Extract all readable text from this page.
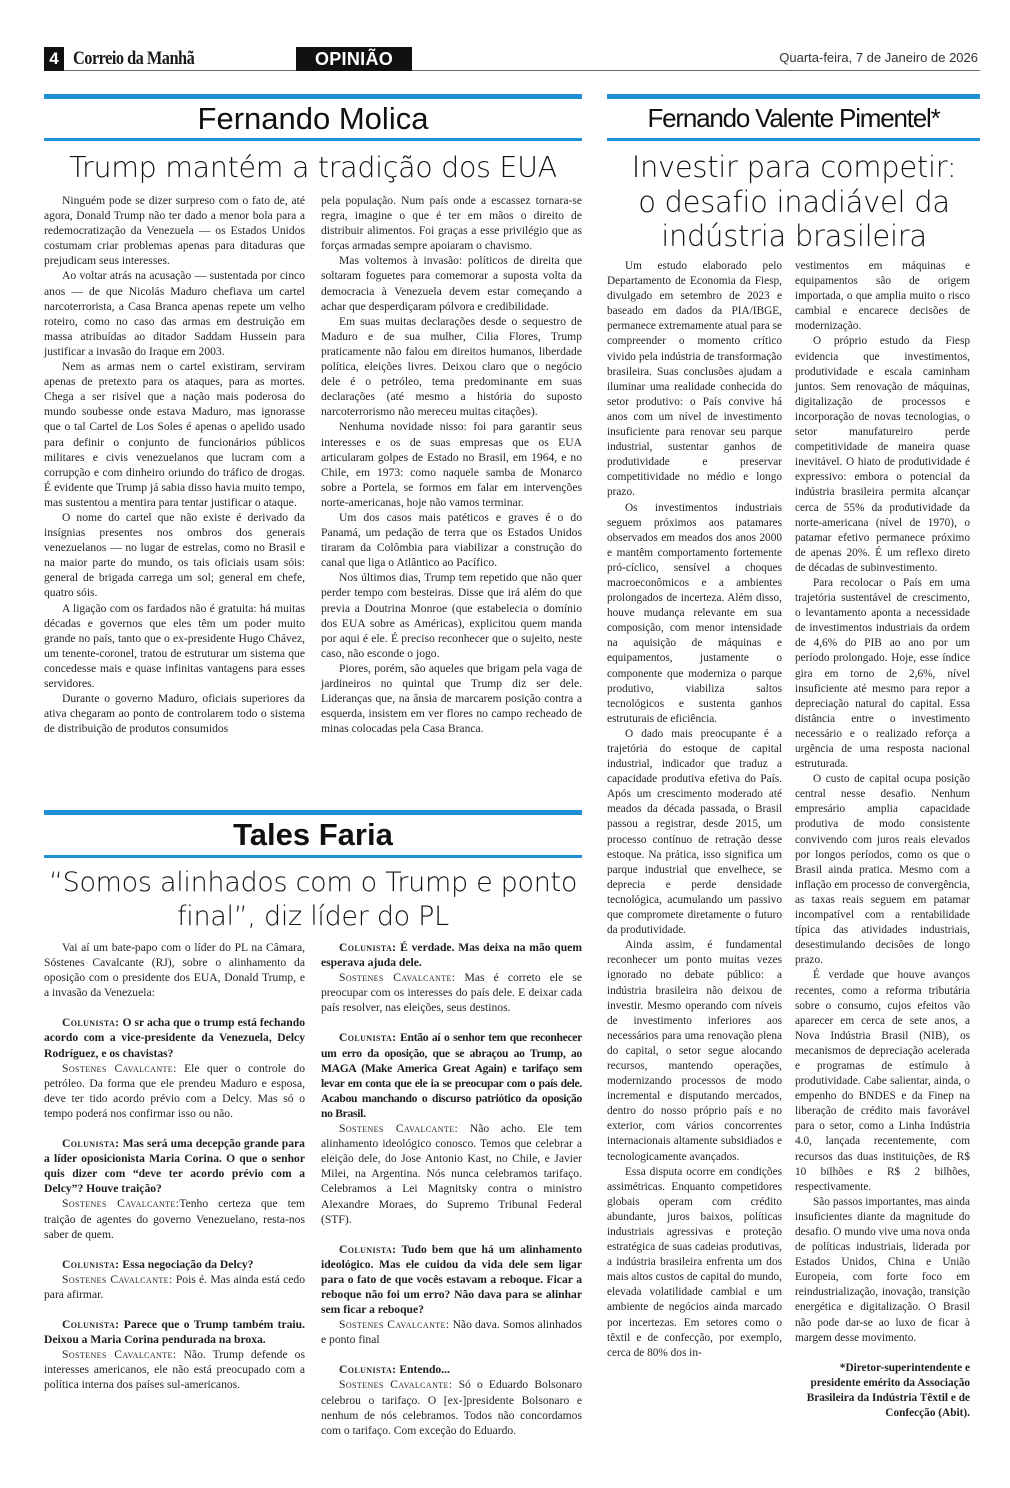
4 Correio da Manhã	OPINIÃO	Quarta-feira, 7 de Janeiro de 2026
Fernando Molica
Trump mantém a tradição dos EUA

Ninguém pode se dizer surpreso com o fato de, até agora, Donald Trump não ter dado a menor bola para a redemocratização da Venezuela — os Estados Unidos costumam criar problemas apenas para ditaduras que prejudicam seus interesses.

Ao voltar atrás na acusação — sustentada por cinco anos — de que Nicolás Maduro chefiava um cartel narcoterrorista, a Casa Branca apenas repete um velho roteiro, como no caso das armas em destruição em massa atribuídas ao ditador Saddam Hussein para justificar a invasão do Iraque em 2003.

Nem as armas nem o cartel existiram, serviram apenas de pretexto para os ataques, para as mortes. Chega a ser risível que a nação mais poderosa do mundo soubesse onde estava Maduro, mas ignorasse que o tal Cartel de Los Soles é apenas o apelido usado para definir o conjunto de funcionários públicos militares e civis venezuelanos que lucram com a corrupção e com dinheiro oriundo do tráfico de drogas. É evidente que Trump já sabia disso havia muito tempo, mas sustentou a mentira para tentar justificar o ataque.

O nome do cartel que não existe é derivado da insígnias presentes nos ombros dos generais venezuelanos — no lugar de estrelas, como no Brasil e na maior parte do mundo, os tais oficiais usam sóis: general de brigada carrega um sol; general em chefe, quatro sóis.

A ligação com os fardados não é gratuita: há muitas décadas e governos que eles têm um poder muito grande no país, tanto que o ex-presidente Hugo Chávez, um tenente-coronel, tratou de estruturar um sistema que concedesse mais e quase infinitas vantagens para esses servidores.

Durante o governo Maduro, oficiais superiores da ativa chegaram ao ponto de controlarem todo o sistema de distribuição de produtos consumidos

pela população. Num país onde a escassez tornara-se regra, imagine o que é ter em mãos o direito de distribuir alimentos. Foi graças a esse privilégio que as forças armadas sempre apoiaram o chavismo.

Mas voltemos à invasão: políticos de direita que soltaram foguetes para comemorar a suposta volta da democracia à Venezuela devem estar começando a achar que desperdiçaram pólvora e credibilidade.

Em suas muitas declarações desde o sequestro de Maduro e de sua mulher, Cilia Flores, Trump praticamente não falou em direitos humanos, liberdade política, eleições livres. Deixou claro que o negócio dele é o petróleo, tema predominante em suas declarações (até mesmo a história do suposto narcoterrorismo não mereceu muitas citações).

Nenhuma novidade nisso: foi para garantir seus interesses e os de suas empresas que os EUA articularam golpes de Estado no Brasil, em 1964, e no Chile, em 1973: como naquele samba de Monarco sobre a Portela, se formos em falar em intervenções norte-americanas, hoje não vamos terminar.

Um dos casos mais patéticos e graves é o do Panamá, um pedação de terra que os Estados Unidos tiraram da Colômbia para viabilizar a construção do canal que liga o Atlântico ao Pacífico.

Nos últimos dias, Trump tem repetido que não quer perder tempo com besteiras. Disse que irá além do que previa a Doutrina Monroe (que estabelecia o domínio dos EUA sobre as Américas), explicitou quem manda por aqui é ele. É preciso reconhecer que o sujeito, neste caso, não esconde o jogo.

Piores, porém, são aqueles que brigam pela vaga de jardineiros no quintal que Trump diz ser dele. Lideranças que, na ânsia de marcarem posição contra a esquerda, insistem em ver flores no campo recheado de minas colocadas pela Casa Branca.

Tales Faria
“Somos alinhados com o Trump e ponto final”, diz líder do PL

Vai aí um bate-papo com o líder do PL na Câmara, Sóstenes Cavalcante (RJ), sobre o alinhamento da oposição com o presidente dos EUA, Donald Trump, e a invasão da Venezuela:

Colunista: O sr acha que o trump está fechando acordo com a vice-presidente da Venezuela, Delcy Rodríguez, e os chavistas?

Sostenes Cavalcante: Ele quer o controle do petróleo. Da forma que ele prendeu Maduro e esposa, deve ter tido acordo prévio com a Delcy. Mas só o tempo poderá nos confirmar isso ou não.

Colunista: Mas será uma decepção grande para a líder oposicionista Maria Corina. O que o senhor quis dizer com “deve ter acordo prévio com a Delcy”? Houve traição?

Sostenes Cavalcante:Tenho certeza que tem traição de agentes do governo Venezuelano, resta-nos saber de quem.

Colunista: Essa negociação da Delcy?

Sostenes Cavalcante: Pois é. Mas ainda está cedo para afirmar.

Colunista: Parece que o Trump também traiu. Deixou a Maria Corina pendurada na broxa.

Sostenes Cavalcante: Não. Trump defende os interesses americanos, ele não está preocupado com a política interna dos países sul-americanos.

Colunista: É verdade. Mas deixa na mão quem esperava ajuda dele.

Sostenes Cavalcante: Mas é correto ele se preocupar com os interesses do país dele. E deixar cada país resolver, nas eleições, seus destinos.

Colunista: Então aí o senhor tem que reconhecer um erro da oposição, que se abraçou ao Trump, ao MAGA (Make America Great Again) e tarifaço sem levar em conta que ele ia se preocupar com o país dele. Acabou manchando o discurso patriótico da oposição no Brasil.

Sostenes Cavalcante: Não acho. Ele tem alinhamento ideológico conosco. Temos que celebrar a eleição dele, do Jose Antonio Kast, no Chile, e Javier Milei, na Argentina. Nós nunca celebramos tarifaço. Celebramos a Lei Magnitsky contra o ministro Alexandre Moraes, do Supremo Tribunal Federal (STF).

Colunista: Tudo bem que há um alinhamento ideológico. Mas ele cuidou da vida dele sem ligar para o fato de que vocês estavam a reboque. Ficar a reboque não foi um erro? Não dava para se alinhar sem ficar a reboque?

Sostenes Cavalcante: Não dava. Somos alinhados e ponto final

Colunista: Entendo...

Sostenes Cavalcante: Só o Eduardo Bolsonaro celebrou o tarifaço. O [ex-]presidente Bolsonaro e nenhum de nós celebramos. Todos não concordamos com o tarifaço. Com exceção do Eduardo.

Fernando Valente Pimentel*
Investir para competir:
o desafio inadiável da
indústria brasileira

Um estudo elaborado pelo Departamento de Economia da Fiesp, divulgado em setembro de 2023 e baseado em dados da PIA/IBGE, permanece extremamente atual para se compreender o momento crítico vivido pela indústria de transformação brasileira. Suas conclusões ajudam a iluminar uma realidade conhecida do setor produtivo: o País convive há anos com um nível de investimento insuficiente para renovar seu parque industrial, sustentar ganhos de produtividade e preservar competitividade no médio e longo prazo.

Os investimentos industriais seguem próximos aos patamares observados em meados dos anos 2000 e mantêm comportamento fortemente pró-cíclico, sensível a choques macroeconômicos e a ambientes prolongados de incerteza. Além disso, houve mudança relevante em sua composição, com menor intensidade na aquisição de máquinas e equipamentos, justamente o componente que moderniza o parque produtivo, viabiliza saltos tecnológicos e sustenta ganhos estruturais de eficiência.

O dado mais preocupante é a trajetória do estoque de capital industrial, indicador que traduz a capacidade produtiva efetiva do País. Após um crescimento moderado até meados da década passada, o Brasil passou a registrar, desde 2015, um processo contínuo de retração desse estoque. Na prática, isso significa um parque industrial que envelhece, se deprecia e perde densidade tecnológica, acumulando um passivo que compromete diretamente o futuro da produtividade.

Ainda assim, é fundamental reconhecer um ponto muitas vezes ignorado no debate público: a indústria brasileira não deixou de investir. Mesmo operando com níveis de investimento inferiores aos necessários para uma renovação plena do capital, o setor segue alocando recursos, mantendo operações, modernizando processos de modo incremental e disputando mercados, dentro do nosso próprio país e no exterior, com vários concorrentes internacionais altamente subsidiados e tecnologicamente avançados.

Essa disputa ocorre em condições assimétricas. Enquanto competidores globais operam com crédito abundante, juros baixos, políticas industriais agressivas e proteção estratégica de suas cadeias produtivas, a indústria brasileira enfrenta um dos mais altos custos de capital do mundo, elevada volatilidade cambial e um ambiente de negócios ainda marcado por incertezas. Em setores como o têxtil e de confecção, por exemplo, cerca de 80% dos in-

vestimentos em máquinas e equipamentos são de origem importada, o que amplia muito o risco cambial e encarece decisões de modernização.

O próprio estudo da Fiesp evidencia que investimentos, produtividade e escala caminham juntos. Sem renovação de máquinas, digitalização de processos e incorporação de novas tecnologias, o setor manufatureiro perde competitividade de maneira quase inevitável. O hiato de produtividade é expressivo: embora o potencial da indústria brasileira permita alcançar cerca de 55% da produtividade da norte-americana (nível de 1970), o patamar efetivo permanece próximo de apenas 20%. É um reflexo direto de décadas de subinvestimento.

Para recolocar o País em uma trajetória sustentável de crescimento, o levantamento aponta a necessidade de investimentos industriais da ordem de 4,6% do PIB ao ano por um período prolongado. Hoje, esse índice gira em torno de 2,6%, nível insuficiente até mesmo para repor a depreciação natural do capital. Essa distância entre o investimento necessário e o realizado reforça a urgência de uma resposta nacional estruturada.

O custo de capital ocupa posição central nesse desafio. Nenhum empresário amplia capacidade produtiva de modo consistente convivendo com juros reais elevados por longos períodos, como os que o Brasil ainda pratica. Mesmo com a inflação em processo de convergência, as taxas reais seguem em patamar incompatível com a rentabilidade típica das atividades industriais, desestimulando decisões de longo prazo.

É verdade que houve avanços recentes, como a reforma tributária sobre o consumo, cujos efeitos vão aparecer em cerca de sete anos, a Nova Indústria Brasil (NIB), os mecanismos de depreciação acelerada e programas de estímulo à produtividade. Cabe salientar, ainda, o empenho do BNDES e da Finep na liberação de crédito mais favorável para o setor, como a Linha Indústria 4.0, lançada recentemente, com recursos das duas instituições, de R$ 10 bilhões e R$ 2 bilhões, respectivamente.

São passos importantes, mas ainda insuficientes diante da magnitude do desafio. O mundo vive uma nova onda de políticas industriais, liderada por Estados Unidos, China e União Europeia, com forte foco em reindustrialização, inovação, transição energética e digitalização. O Brasil não pode dar-se ao luxo de ficar à margem desse movimento.

*Diretor-superintendente e presidente emérito da Associação Brasileira da Indústria Têxtil e de Confecção (Abit).
